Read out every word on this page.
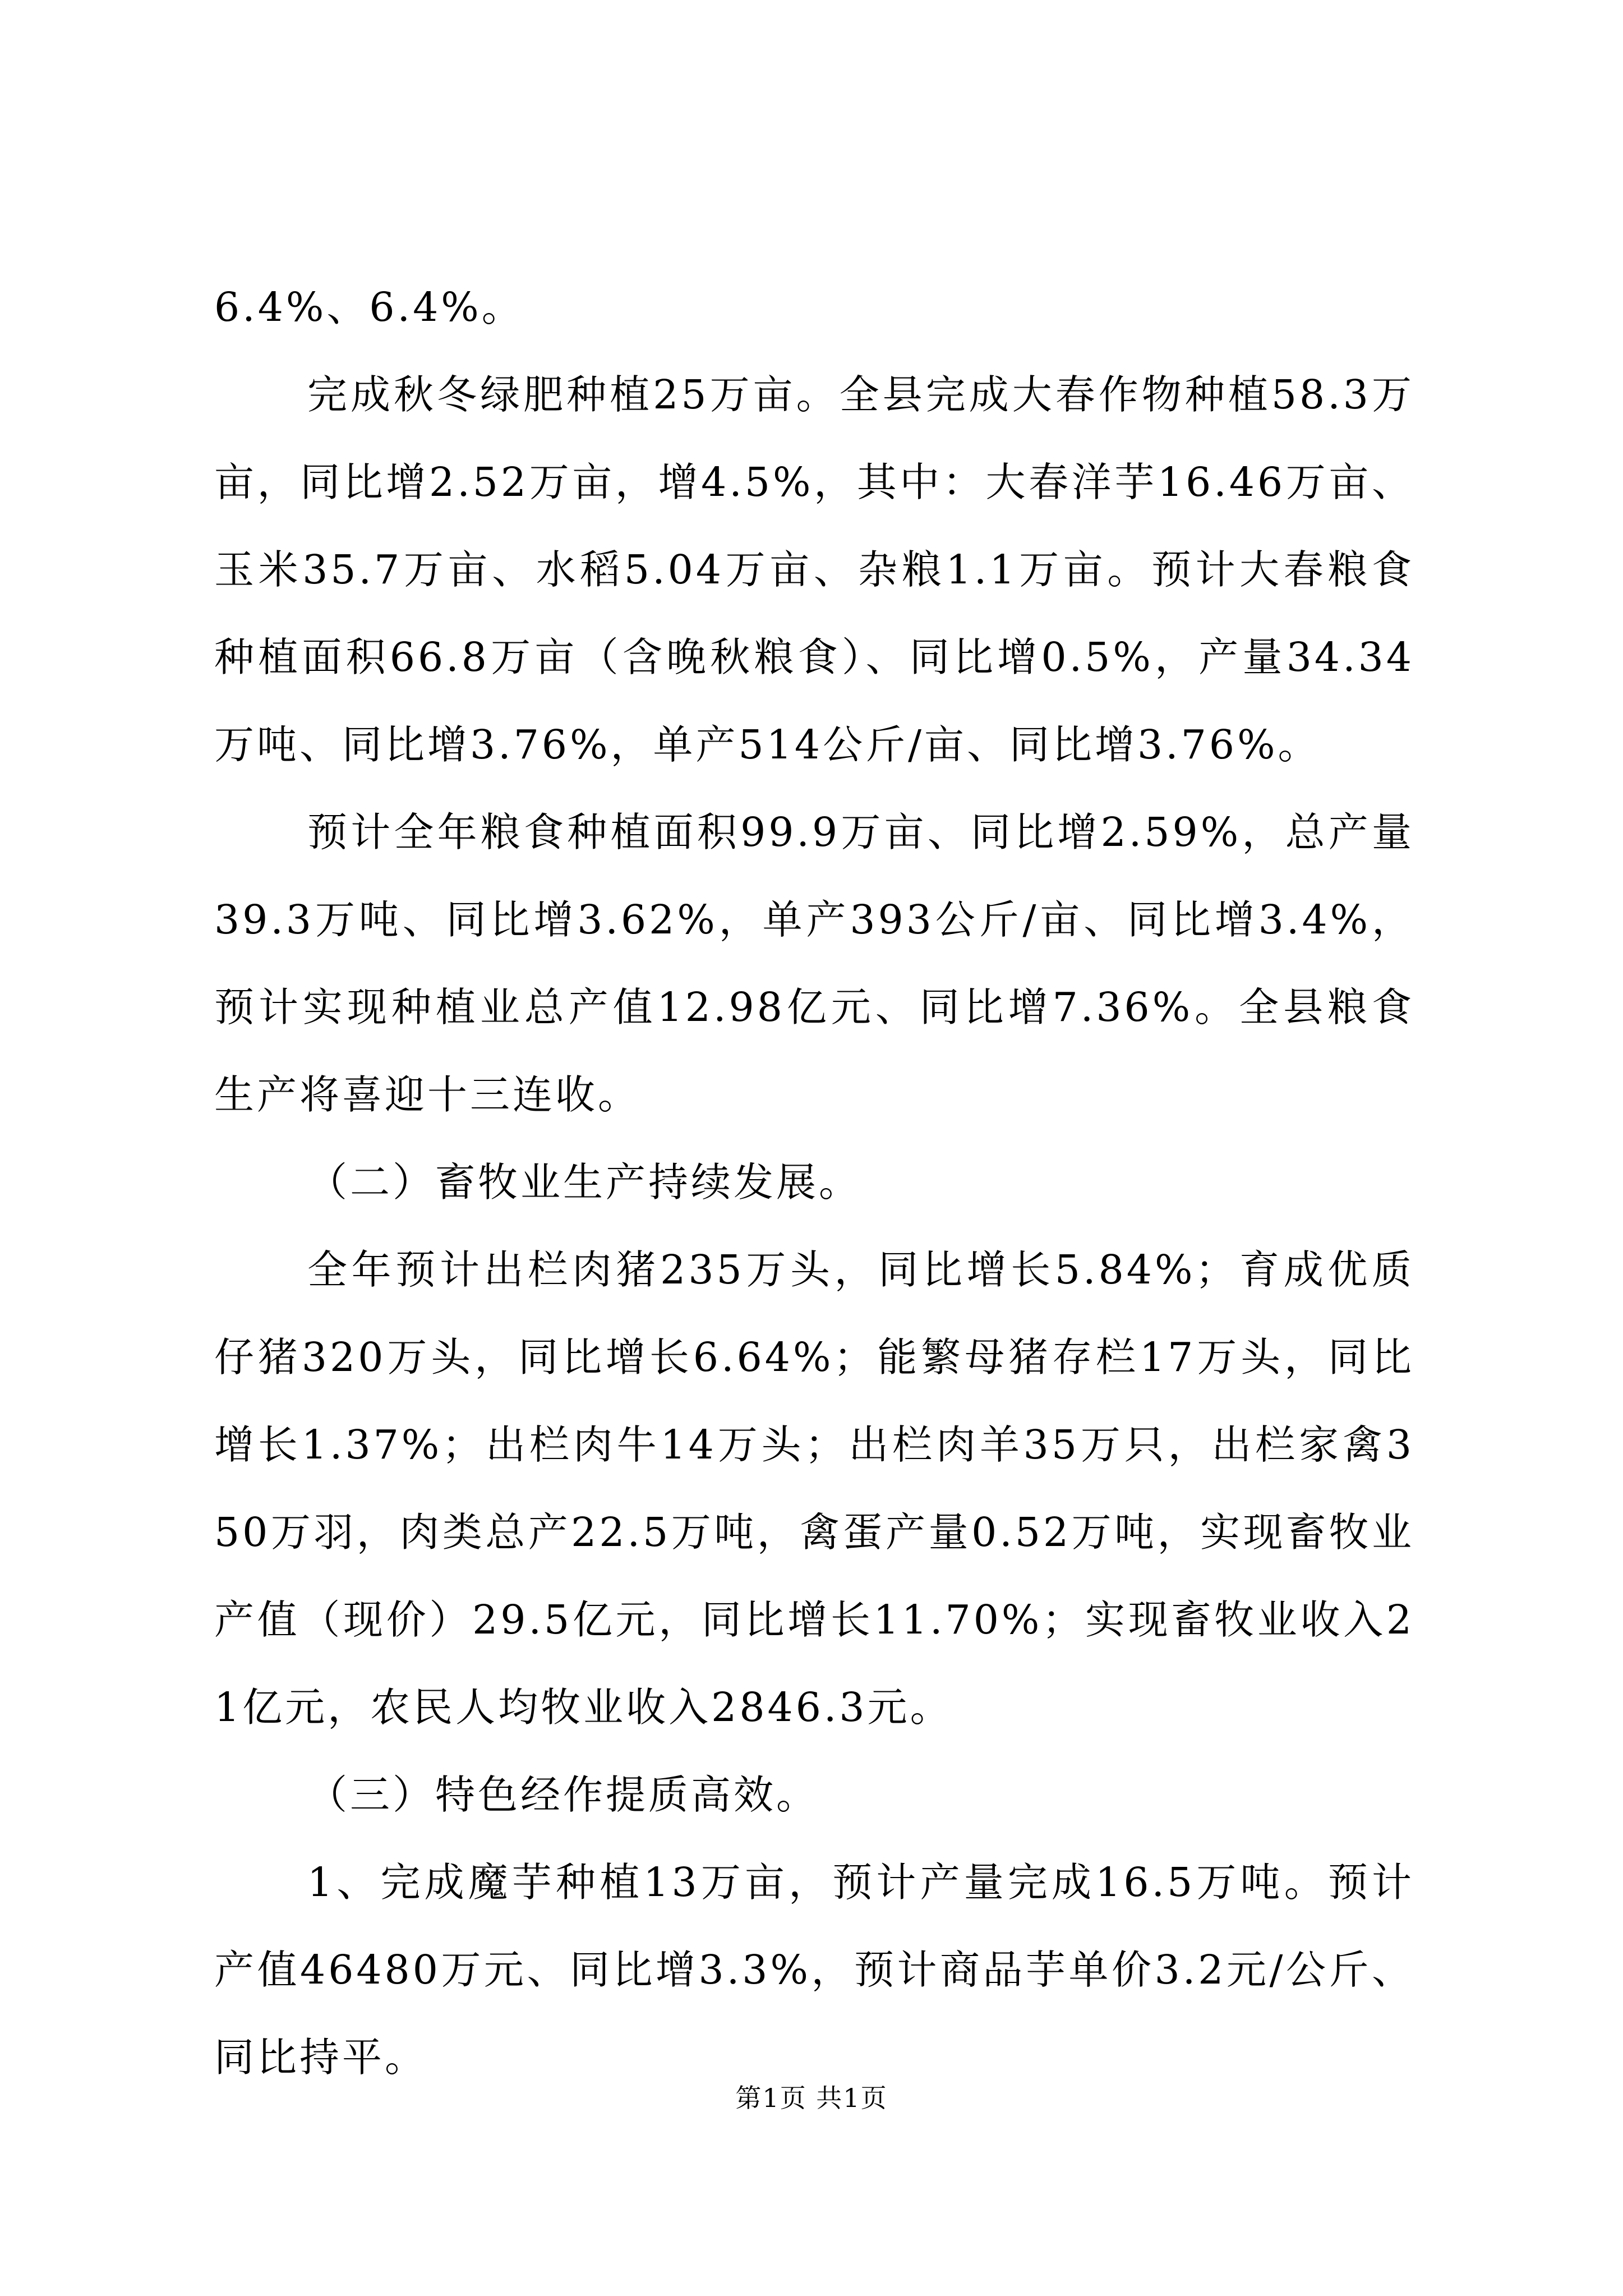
6.4%、6.4%。

完成秋冬绿肥种植25万亩。全县完成大春作物种植58.3万亩，同比增2.52万亩，增4.5%，其中：大春洋芋16.46万亩、玉米35.7万亩、水稻5.04万亩、杂粮1.1万亩。预计大春粮食种植面积66.8万亩（含晚秋粮食）、同比增0.5%，产量34.34万吨、同比增3.76%，单产514公斤/亩、同比增3.76%。

预计全年粮食种植面积99.9万亩、同比增2.59%，总产量39.3万吨、同比增3.62%，单产393公斤/亩、同比增3.4%，预计实现种植业总产值12.98亿元、同比增7.36%。全县粮食生产将喜迎十三连收。

（二）畜牧业生产持续发展。

全年预计出栏肉猪235万头，同比增长5.84%；育成优质仔猪320万头，同比增长6.64%；能繁母猪存栏17万头，同比增长1.37%；出栏肉牛14万头；出栏肉羊35万只，出栏家禽350万羽，肉类总产22.5万吨，禽蛋产量0.52万吨，实现畜牧业产值（现价）29.5亿元，同比增长11.70%；实现畜牧业收入21亿元，农民人均牧业收入2846.3元。

（三）特色经作提质高效。

1、完成魔芋种植13万亩，预计产量完成16.5万吨。预计产值46480万元、同比增3.3%，预计商品芋单价3.2元/公斤、同比持平。

第1页 共1页
